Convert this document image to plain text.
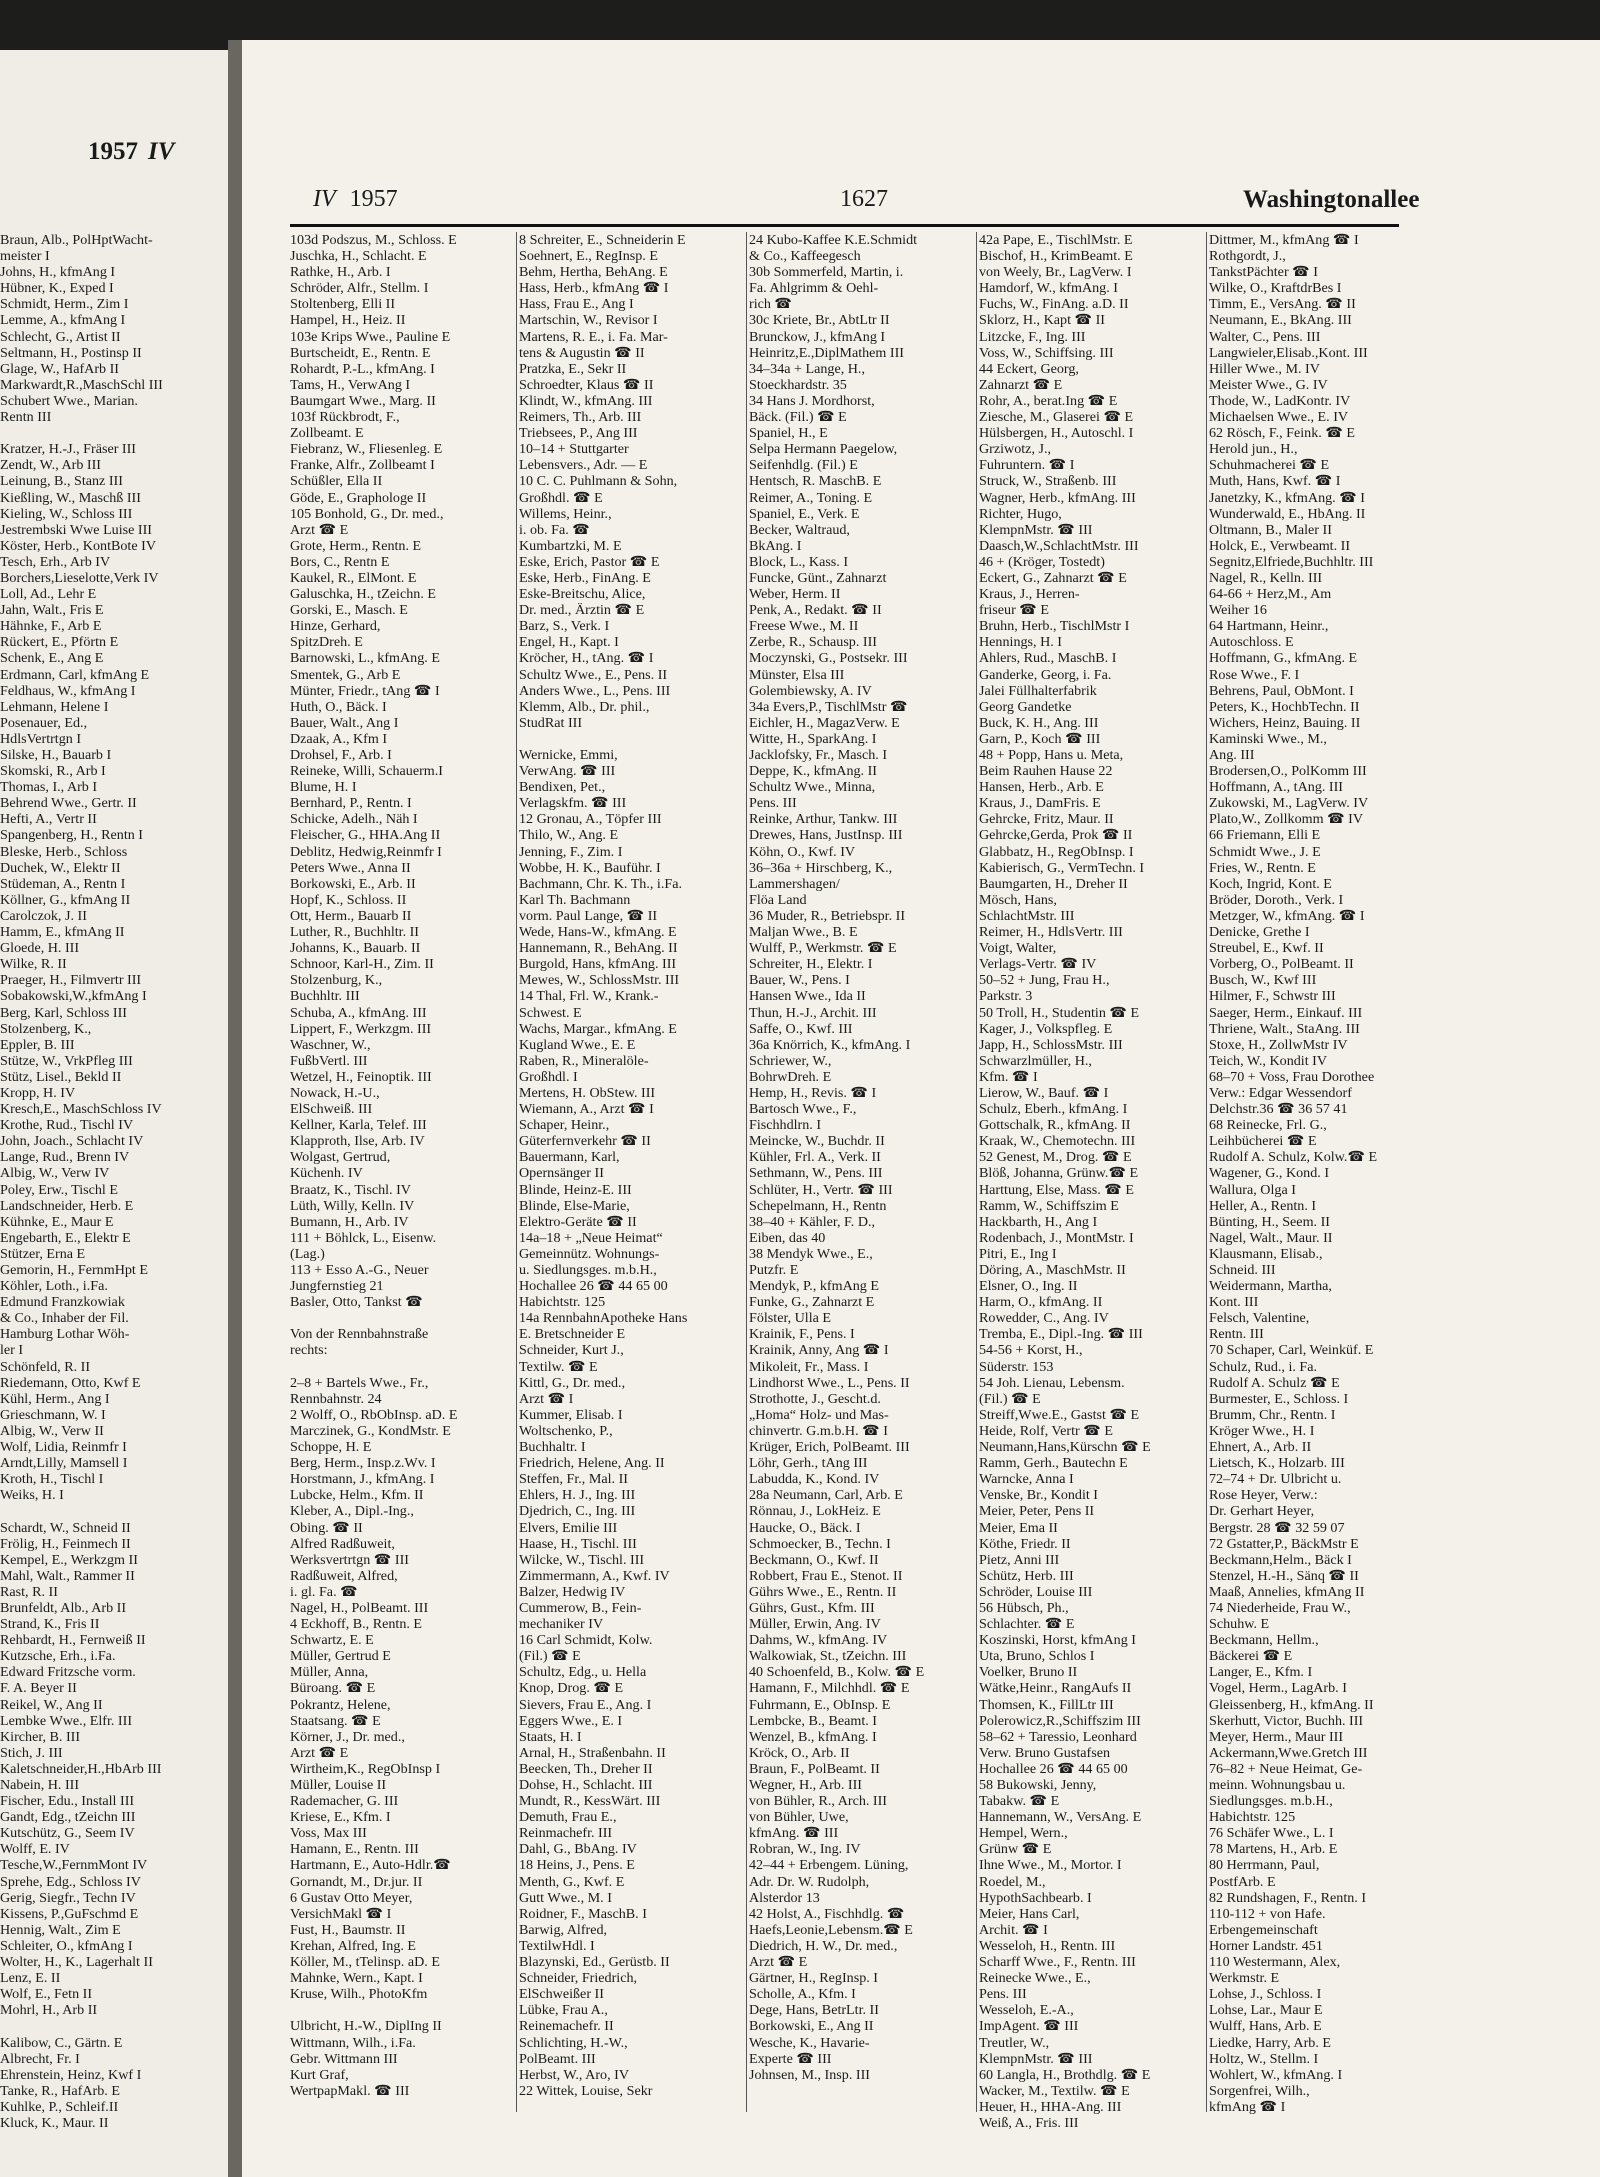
1957 IV
Braun, Alb., PolHptWacht-
meister I
Johns, H., kfmAng I
Hübner, K., Exped I
Schmidt, Herm., Zim I
Lemme, A., kfmAng I
Schlecht, G., Artist II
Seltmann, H., Postinsp II
Glage, W., HafArb II
Markwardt,R.,MaschSchl III
Schubert Wwe., Marian.
Rentn III

Kratzer, H.-J., Fräser III
Zendt, W., Arb III
Leinung, B., Stanz III
Kießling, W., Maschß III
Kieling, W., Schloss III
Jestrembski Wwe Luise III
Köster, Herb., KontBote IV
Tesch, Erh., Arb IV
Borchers,Lieselotte,Verk IV
Loll, Ad., Lehr E
Jahn, Walt., Fris E
Hähnke, F., Arb E
Rückert, E., Pförtn E
Schenk, E., Ang E
Erdmann, Carl, kfmAng E
Feldhaus, W., kfmAng I
Lehmann, Helene I
Posenauer, Ed.,
HdlsVertrtgn I
Silske, H., Bauarb I
Skomski, R., Arb I
Thomas, I., Arb I
Behrend Wwe., Gertr. II
Hefti, A., Vertr II
Spangenberg, H., Rentn I
Bleske, Herb., Schloss
Duchek, W., Elektr II
Stüdeman, A., Rentn I
Köllner, G., kfmAng II
Carolczok, J. II
Hamm, E., kfmAng II
Gloede, H. III
Wilke, R. II
Praeger, H., Filmvertr III
Sobakowski,W.,kfmAng I
Berg, Karl, Schloss III
Stolzenberg, K.,
Eppler, B. III
Stütze, W., VrkPfleg III
Stütz, Lisel., Bekld II
Kropp, H. IV
Kresch,E., MaschSchloss IV
Krothe, Rud., Tischl IV
John, Joach., Schlacht IV
Lange, Rud., Brenn IV
Albig, W., Verw IV
Poley, Erw., Tischl E
Landschneider, Herb. E
Kühnke, E., Maur E
Engebarth, E., Elektr E
Stützer, Erna E
Gemorin, H., FernmHpt E
Köhler, Loth., i.Fa.
Edmund Franzkowiak
& Co., Inhaber der Fil.
Hamburg Lothar Wöh-
ler I
Schönfeld, R. II
Riedemann, Otto, Kwf E
Kühl, Herm., Ang I
Grieschmann, W. I
Albig, W., Verw II
Wolf, Lidia, Reinmfr I
Arndt,Lilly, Mamsell I
Kroth, H., Tischl I
Weiks, H. I

Schardt, W., Schneid II
Frölig, H., Feinmech II
Kempel, E., Werkzgm II
Mahl, Walt., Rammer II
Rast, R. II
Brunfeldt, Alb., Arb II
Strand, K., Fris II
Rehbardt, H., Fernweiß II
Kutzsche, Erh., i.Fa.
Edward Fritzsche vorm.
F. A. Beyer II
Reikel, W., Ang II
Lembke Wwe., Elfr. III
Kircher, B. III
Stich, J. III
Kaletschneider,H.,HbArb III
Nabein, H. III
Fischer, Edu., Install III
Gandt, Edg., tZeichn III
Kutschütz, G., Seem IV
Wolff, E. IV
Tesche,W.,FernmMont IV
Sprehe, Edg., Schloss IV
Gerig, Siegfr., Techn IV
Kissens, P.,GuFschmd E
Hennig, Walt., Zim E
Schleiter, O., kfmAng I
Wolter, H., K., Lagerhalt II
Lenz, E. II
Wolf, E., Fetn II
Mohrl, H., Arb II

Kalibow, C., Gärtn. E
Albrecht, Fr. I
Ehrenstein, Heinz, Kwf I
Tanke, R., HafArb. E
Kuhlke, P., Schleif.II
Kluck, K., Maur. II
IV 1957	1627	Washingtonallee
103d Podszus, M., Schloss. E
Juschka, H., Schlacht. E
Rathke, H., Arb. I
Schröder, Alfr., Stellm. I
Stoltenberg, Elli II
Hampel, H., Heiz. II
103e Krips Wwe., Pauline E
Burtscheidt, E., Rentn. E
Rohardt, P.-L., kfmAng. I
Tams, H., VerwAng I
Baumgart Wwe., Marg. II
103f Rückbrodt, F.,
Zollbeamt. E
Fiebranz, W., Fliesenleg. E
Franke, Alfr., Zollbeamt I
Schüßler, Ella II
Göde, E., Graphologe II
105 Bonhold, G., Dr. med.,
Arzt ☎ E
Grote, Herm., Rentn. E
Bors, C., Rentn E
Kaukel, R., ElMont. E
Galuschka, H., tZeichn. E
Gorski, E., Masch. E
Hinze, Gerhard,
SpitzDreh. E
Barnowski, L., kfmAng. E
Smentek, G., Arb E
Münter, Friedr., tAng ☎ I
Huth, O., Bäck. I
Bauer, Walt., Ang I
Dzaak, A., Kfm I
Drohsel, F., Arb. I
Reineke, Willi, Schauerm.I
Blume, H. I
Bernhard, P., Rentn. I
Schicke, Adelh., Näh I
Fleischer, G., HHA.Ang II
Deblitz, Hedwig,Reinmfr I
Peters Wwe., Anna II
Borkowski, E., Arb. II
Hopf, K., Schloss. II
Ott, Herm., Bauarb II
Luther, R., Buchhltr. II
Johanns, K., Bauarb. II
Schnoor, Karl-H., Zim. II
Stolzenburg, K.,
Buchhltr. III
Schuba, A., kfmAng. III
Lippert, F., Werkzgm. III
Waschner, W.,
FußbVertl. III
Wetzel, H., Feinoptik. III
Nowack, H.-U.,
ElSchweiß. III
Kellner, Karla, Telef. III
Klapproth, Ilse, Arb. IV
Wolgast, Gertrud,
Küchenh. IV
Braatz, K., Tischl. IV
Lüth, Willy, Kelln. IV
Bumann, H., Arb. IV
111 + Böhlck, L., Eisenw.
(Lag.)
113 + Esso A.-G., Neuer
Jungfernstieg 21
Basler, Otto, Tankst ☎

Von der Rennbahnstraße
rechts:

2–8 + Bartels Wwe., Fr.,
Rennbahnstr. 24
2 Wolff, O., RbObInsp. aD. E
Marczinek, G., KondMstr. E
Schoppe, H. E
Berg, Herm., Insp.z.Wv. I
Horstmann, J., kfmAng. I
Lubcke, Helm., Kfm. II
Kleber, A., Dipl.-Ing.,
Obing. ☎ II
Alfred Radßuweit,
Werksvertrtgn ☎ III
Radßuweit, Alfred,
i. gl. Fa. ☎
Nagel, H., PolBeamt. III
4 Eckhoff, B., Rentn. E
Schwartz, E. E
Müller, Gertrud E
Müller, Anna,
Büroang. ☎ E
Pokrantz, Helene,
Staatsang. ☎ E
Körner, J., Dr. med.,
Arzt ☎ E
Wirtheim,K., RegObInsp I
Müller, Louise II
Rademacher, G. III
Kriese, E., Kfm. I
Voss, Max III
Hamann, E., Rentn. III
Hartmann, E., Auto-Hdlr.☎
Gornandt, M., Dr.jur. II
6 Gustav Otto Meyer,
VersichMakl ☎ I
Fust, H., Baumstr. II
Krehan, Alfred, Ing. E
Köller, M., tTelinsp. aD. E
Mahnke, Wern., Kapt. I
Kruse, Wilh., PhotoKfm

Ulbricht, H.-W., DiplIng II
Wittmann, Wilh., i.Fa.
Gebr. Wittmann III
Kurt Graf,
WertpapMakl. ☎ III
8 Schreiter, E., Schneiderin E
Soehnert, E., RegInsp. E
Behm, Hertha, BehAng. E
Hass, Herb., kfmAng ☎ I
Hass, Frau E., Ang I
Martschin, W., Revisor I
Martens, R. E., i. Fa. Mar-
tens & Augustin ☎ II
Pratzka, E., Sekr II
Schroedter, Klaus ☎ II
Klindt, W., kfmAng. III
Reimers, Th., Arb. III
Triebsees, P., Ang III
10–14 + Stuttgarter
Lebensvers., Adr. — E
10 C. C. Puhlmann & Sohn,
Großhdl. ☎ E
Willems, Heinr.,
i. ob. Fa. ☎
Kumbartzki, M. E
Eske, Erich, Pastor ☎ E
Eske, Herb., FinAng. E
Eske-Breitschu, Alice,
Dr. med., Ärztin ☎ E
Barz, S., Verk. I
Engel, H., Kapt. I
Kröcher, H., tAng. ☎ I
Schultz Wwe., E., Pens. II
Anders Wwe., L., Pens. III
Klemm, Alb., Dr. phil.,
StudRat III

Wernicke, Emmi,
VerwAng. ☎ III
Bendixen, Pet.,
Verlagskfm. ☎ III
12 Gronau, A., Töpfer III
Thilo, W., Ang. E
Jenning, F., Zim. I
Wobbe, H. K., Bauführ. I
Bachmann, Chr. K. Th., i.Fa.
Karl Th. Bachmann
vorm. Paul Lange, ☎ II
Wede, Hans-W., kfmAng. E
Hannemann, R., BehAng. II
Burgold, Hans, kfmAng. III
Mewes, W., SchlossMstr. III
14 Thal, Frl. W., Krank.-
Schwest. E
Wachs, Margar., kfmAng. E
Kugland Wwe., E. E
Raben, R., Mineralöle-
Großhdl. I
Mertens, H. ObStew. III
Wiemann, A., Arzt ☎ I
Schaper, Heinr.,
Güterfernverkehr ☎ II
Bauermann, Karl,
Opernsänger II
Blinde, Heinz-E. III
Blinde, Else-Marie,
Elektro-Geräte ☎ II
14a–18 + „Neue Heimat“
Gemeinnütz. Wohnungs-
u. Siedlungsges. m.b.H.,
Hochallee 26 ☎ 44 65 00
Habichtstr. 125
14a RennbahnApotheke Hans
E. Bretschneider E
Schneider, Kurt J.,
Textilw. ☎ E
Kittl, G., Dr. med.,
Arzt ☎ I
Kummer, Elisab. I
Woltschenko, P.,
Buchhaltr. I
Friedrich, Helene, Ang. II
Steffen, Fr., Mal. II
Ehlers, H. J., Ing. III
Djedrich, C., Ing. III
Elvers, Emilie III
Haase, H., Tischl. III
Wilcke, W., Tischl. III
Zimmermann, A., Kwf. IV
Balzer, Hedwig IV
Cummerow, B., Fein-
mechaniker IV
16 Carl Schmidt, Kolw.
(Fil.) ☎ E
Schultz, Edg., u. Hella
Knop, Drog. ☎ E
Sievers, Frau E., Ang. I
Eggers Wwe., E. I
Staats, H. I
Arnal, H., Straßenbahn. II
Beecken, Th., Dreher II
Dohse, H., Schlacht. III
Mundt, R., KessWärt. III
Demuth, Frau E.,
Reinmachefr. III
Dahl, G., BbAng. IV
18 Heins, J., Pens. E
Menth, G., Kwf. E
Gutt Wwe., M. I
Roidner, F., MaschB. I
Barwig, Alfred,
TextilwHdl. I
Blazynski, Ed., Gerüstb. II
Schneider, Friedrich,
ElSchweißer II
Lübke, Frau A.,
Reinemachefr. II
Schlichting, H.-W.,
PolBeamt. III
Herbst, W., Aro, IV
22 Wittek, Louise, Sekr
24 Kubo-Kaffee K.E.Schmidt
& Co., Kaffeegesch
30b Sommerfeld, Martin, i.
Fa. Ahlgrimm & Oehl-
rich ☎
30c Kriete, Br., AbtLtr II
Brunckow, J., kfmAng I
Heinritz,E.,DiplMathem III
34–34a + Lange, H.,
Stoeckhardstr. 35
34 Hans J. Mordhorst,
Bäck. (Fil.) ☎ E
Spaniel, H., E
Selpa Hermann Paegelow,
Seifenhdlg. (Fil.) E
Hentsch, R. MaschB. E
Reimer, A., Toning. E
Spaniel, E., Verk. E
Becker, Waltraud,
BkAng. I
Block, L., Kass. I
Funcke, Günt., Zahnarzt
Weber, Herm. II
Penk, A., Redakt. ☎ II
Freese Wwe., M. II
Zerbe, R., Schausp. III
Moczynski, G., Postsekr. III
Münster, Elsa III
Golembiewsky, A. IV
34a Evers,P., TischlMstr ☎
Eichler, H., MagazVerw. E
Witte, H., SparkAng. I
Jacklofsky, Fr., Masch. I
Deppe, K., kfmAng. II
Schultz Wwe., Minna,
Pens. III
Reinke, Arthur, Tankw. III
Drewes, Hans, JustInsp. III
Köhn, O., Kwf. IV
36–36a + Hirschberg, K.,
Lammershagen/
Flöa Land
36 Muder, R., Betriebspr. II
Maljan Wwe., B. E
Wulff, P., Werkmstr. ☎ E
Schreiter, H., Elektr. I
Bauer, W., Pens. I
Hansen Wwe., Ida II
Thun, H.-J., Archit. III
Saffe, O., Kwf. III
36a Knörrich, K., kfmAng. I
Schriewer, W.,
BohrwDreh. E
Hemp, H., Revis. ☎ I
Bartosch Wwe., F.,
Fischhdlrn. I
Meincke, W., Buchdr. II
Kühler, Frl. A., Verk. II
Sethmann, W., Pens. III
Schlüter, H., Vertr. ☎ III
Schepelmann, H., Rentn
38–40 + Kähler, F. D.,
Eiben, das 40
38 Mendyk Wwe., E.,
Putzfr. E
Mendyk, P., kfmAng E
Funke, G., Zahnarzt E
Fölster, Ulla E
Krainik, F., Pens. I
Krainik, Anny, Ang ☎ I
Mikoleit, Fr., Mass. I
Lindhorst Wwe., L., Pens. II
Strothotte, J., Gescht.d.
„Homa“ Holz- und Mas-
chinvertr. G.m.b.H. ☎ I
Krüger, Erich, PolBeamt. III
Löhr, Gerh., tAng III
Labudda, K., Kond. IV
28a Neumann, Carl, Arb. E
Rönnau, J., LokHeiz. E
Haucke, O., Bäck. I
Schmoecker, B., Techn. I
Beckmann, O., Kwf. II
Robbert, Frau E., Stenot. II
Gührs Wwe., E., Rentn. II
Gührs, Gust., Kfm. III
Müller, Erwin, Ang. IV
Dahms, W., kfmAng. IV
Walkowiak, St., tZeichn. III
40 Schoenfeld, B., Kolw. ☎ E
Hamann, F., Milchhdl. ☎ E
Fuhrmann, E., ObInsp. E
Lembcke, B., Beamt. I
Wenzel, B., kfmAng. I
Kröck, O., Arb. II
Braun, F., PolBeamt. II
Wegner, H., Arb. III
von Bühler, R., Arch. III
von Bühler, Uwe,
kfmAng. ☎ III
Robran, W., Ing. IV
42–44 + Erbengem. Lüning,
Adr. Dr. W. Rudolph,
Alsterdor 13
42 Holst, A., Fischhdlg. ☎
Haefs,Leonie,Lebensm.☎ E
Diedrich, H. W., Dr. med.,
Arzt ☎ E
Gärtner, H., RegInsp. I
Scholle, A., Kfm. I
Dege, Hans, BetrLtr. II
Borkowski, E., Ang II
Wesche, K., Havarie-
Experte ☎ III
Johnsen, M., Insp. III
42a Pape, E., TischlMstr. E
Bischof, H., KrimBeamt. E
von Weely, Br., LagVerw. I
Hamdorf, W., kfmAng. I
Fuchs, W., FinAng. a.D. II
Sklorz, H., Kapt ☎ II
Litzcke, F., Ing. III
Voss, W., Schiffsing. III
44 Eckert, Georg,
Zahnarzt ☎ E
Rohr, A., berat.Ing ☎ E
Ziesche, M., Glaserei ☎ E
Hülsbergen, H., Autoschl. I
Grziwotz, J.,
Fuhruntern. ☎ I
Struck, W., Straßenb. III
Wagner, Herb., kfmAng. III
Richter, Hugo,
KlempnMstr. ☎ III
Daasch,W.,SchlachtMstr. III
46 + (Kröger, Tostedt)
Eckert, G., Zahnarzt ☎ E
Kraus, J., Herren-
friseur ☎ E
Bruhn, Herb., TischlMstr I
Hennings, H. I
Ahlers, Rud., MaschB. I
Ganderke, Georg, i. Fa.
Jalei Füllhalterfabrik
Georg Gandetke
Buck, K. H., Ang. III
Garn, P., Koch ☎ III
48 + Popp, Hans u. Meta,
Beim Rauhen Hause 22
Hansen, Herb., Arb. E
Kraus, J., DamFris. E
Gehrcke, Fritz, Maur. II
Gehrcke,Gerda, Prok ☎ II
Glabbatz, H., RegObInsp. I
Kabierisch, G., VermTechn. I
Baumgarten, H., Dreher II
Mösch, Hans,
SchlachtMstr. III
Reimer, H., HdlsVertr. III
Voigt, Walter,
Verlags-Vertr. ☎ IV
50–52 + Jung, Frau H.,
Parkstr. 3
50 Troll, H., Studentin ☎ E
Kager, J., Volkspfleg. E
Japp, H., SchlossMstr. III
Schwarzlmüller, H.,
Kfm. ☎ I
Lierow, W., Bauf. ☎ I
Schulz, Eberh., kfmAng. I
Gottschalk, R., kfmAng. II
Kraak, W., Chemotechn. III
52 Genest, M., Drog. ☎ E
Blöß, Johanna, Grünw.☎ E
Harttung, Else, Mass. ☎ E
Ramm, W., Schiffszim E
Hackbarth, H., Ang I
Rodenbach, J., MontMstr. I
Pitri, E., Ing I
Döring, A., MaschMstr. II
Elsner, O., Ing. II
Harm, O., kfmAng. II
Rowedder, C., Ang. IV
Tremba, E., Dipl.-Ing. ☎ III
54-56 + Korst, H.,
Süderstr. 153
54 Joh. Lienau, Lebensm.
(Fil.) ☎ E
Streiff,Wwe.E., Gastst ☎ E
Heide, Rolf, Vertr ☎ E
Neumann,Hans,Kürschn ☎ E
Ramm, Gerh., Bautechn E
Warncke, Anna I
Venske, Br., Kondit I
Meier, Peter, Pens II
Meier, Ema II
Köthe, Friedr. II
Pietz, Anni III
Schütz, Herb. III
Schröder, Louise III
56 Hübsch, Ph.,
Schlachter. ☎ E
Koszinski, Horst, kfmAng I
Uta, Bruno, Schlos I
Voelker, Bruno II
Wätke,Heinr., RangAufs II
Thomsen, K., FillLtr III
Polerowicz,R.,Schiffszim III
58–62 + Taressio, Leonhard
Verw. Bruno Gustafsen
Hochallee 26 ☎ 44 65 00
58 Bukowski, Jenny,
Tabakw. ☎ E
Hannemann, W., VersAng. E
Hempel, Wern.,
Grünw ☎ E
Ihne Wwe., M., Mortor. I
Roedel, M.,
HypothSachbearb. I
Meier, Hans Carl,
Archit. ☎ I
Wesseloh, H., Rentn. III
Scharff Wwe., F., Rentn. III
Reinecke Wwe., E.,
Pens. III
Wesseloh, E.-A.,
ImpAgent. ☎ III
Treutler, W.,
KlempnMstr. ☎ III
60 Langla, H., Brothdlg. ☎ E
Wacker, M., Textilw. ☎ E
Heuer, H., HHA-Ang. III
Weiß, A., Fris. III
Dittmer, M., kfmAng ☎ I
Rothgordt, J.,
TankstPächter ☎ I
Wilke, O., KraftdrBes I
Timm, E., VersAng. ☎ II
Neumann, E., BkAng. III
Walter, C., Pens. III
Langwieler,Elisab.,Kont. III
Hiller Wwe., M. IV
Meister Wwe., G. IV
Thode, W., LadKontr. IV
Michaelsen Wwe., E. IV
62 Rösch, F., Feink. ☎ E
Herold jun., H.,
Schuhmacherei ☎ E
Muth, Hans, Kwf. ☎ I
Janetzky, K., kfmAng. ☎ I
Wunderwald, E., HbAng. II
Oltmann, B., Maler II
Holck, E., Verwbeamt. II
Segnitz,Elfriede,Buchhltr. III
Nagel, R., Kelln. III
64-66 + Herz,M., Am
Weiher 16
64 Hartmann, Heinr.,
Autoschloss. E
Hoffmann, G., kfmAng. E
Rose Wwe., F. I
Behrens, Paul, ObMont. I
Peters, K., HochbTechn. II
Wichers, Heinz, Bauing. II
Kaminski Wwe., M.,
Ang. III
Brodersen,O., PolKomm III
Hoffmann, A., tAng. III
Zukowski, M., LagVerw. IV
Plato,W., Zollkomm ☎ IV
66 Friemann, Elli E
Schmidt Wwe., J. E
Fries, W., Rentn. E
Koch, Ingrid, Kont. E
Bröder, Doroth., Verk. I
Metzger, W., kfmAng. ☎ I
Denicke, Grethe I
Streubel, E., Kwf. II
Vorberg, O., PolBeamt. II
Busch, W., Kwf III
Hilmer, F., Schwstr III
Saeger, Herm., Einkauf. III
Thriene, Walt., StaAng. III
Stoxe, H., ZollwMstr IV
Teich, W., Kondit IV
68–70 + Voss, Frau Dorothee
Verw.: Edgar Wessendorf
Delchstr.36 ☎ 36 57 41
68 Reinecke, Frl. G.,
Leihbücherei ☎ E
Rudolf A. Schulz, Kolw.☎ E
Wagener, G., Kond. I
Wallura, Olga I
Heller, A., Rentn. I
Bünting, H., Seem. II
Nagel, Walt., Maur. II
Klausmann, Elisab.,
Schneid. III
Weidermann, Martha,
Kont. III
Felsch, Valentine,
Rentn. III
70 Schaper, Carl, Weinküf. E
Schulz, Rud., i. Fa.
Rudolf A. Schulz ☎ E
Burmester, E., Schloss. I
Brumm, Chr., Rentn. I
Kröger Wwe., H. I
Ehnert, A., Arb. II
Lietsch, K., Holzarb. III
72–74 + Dr. Ulbricht u.
Rose Heyer, Verw.:
Dr. Gerhart Heyer,
Bergstr. 28 ☎ 32 59 07
72 Gstatter,P., BäckMstr E
Beckmann,Helm., Bäck I
Stenzel, H.-H., Sänq ☎ II
Maaß, Annelies, kfmAng II
74 Niederheide, Frau W.,
Schuhw. E
Beckmann, Hellm.,
Bäckerei ☎ E
Langer, E., Kfm. I
Vogel, Herm., LagArb. I
Gleissenberg, H., kfmAng. II
Skerhutt, Victor, Buchh. III
Meyer, Herm., Maur III
Ackermann,Wwe.Gretch III
76–82 + Neue Heimat, Ge-
meinn. Wohnungsbau u.
Siedlungsges. m.b.H.,
Habichtstr. 125
76 Schäfer Wwe., L. I
78 Martens, H., Arb. E
80 Herrmann, Paul,
PostfArb. E
82 Rundshagen, F., Rentn. I
110-112 + von Hafe.
Erbengemeinschaft
Horner Landstr. 451
110 Westermann, Alex,
Werkmstr. E
Lohse, J., Schloss. I
Lohse, Lar., Maur E
Wulff, Hans, Arb. E
Liedke, Harry, Arb. E
Holtz, W., Stellm. I
Wohlert, W., kfmAng. I
Sorgenfrei, Wilh.,
kfmAng ☎ I
